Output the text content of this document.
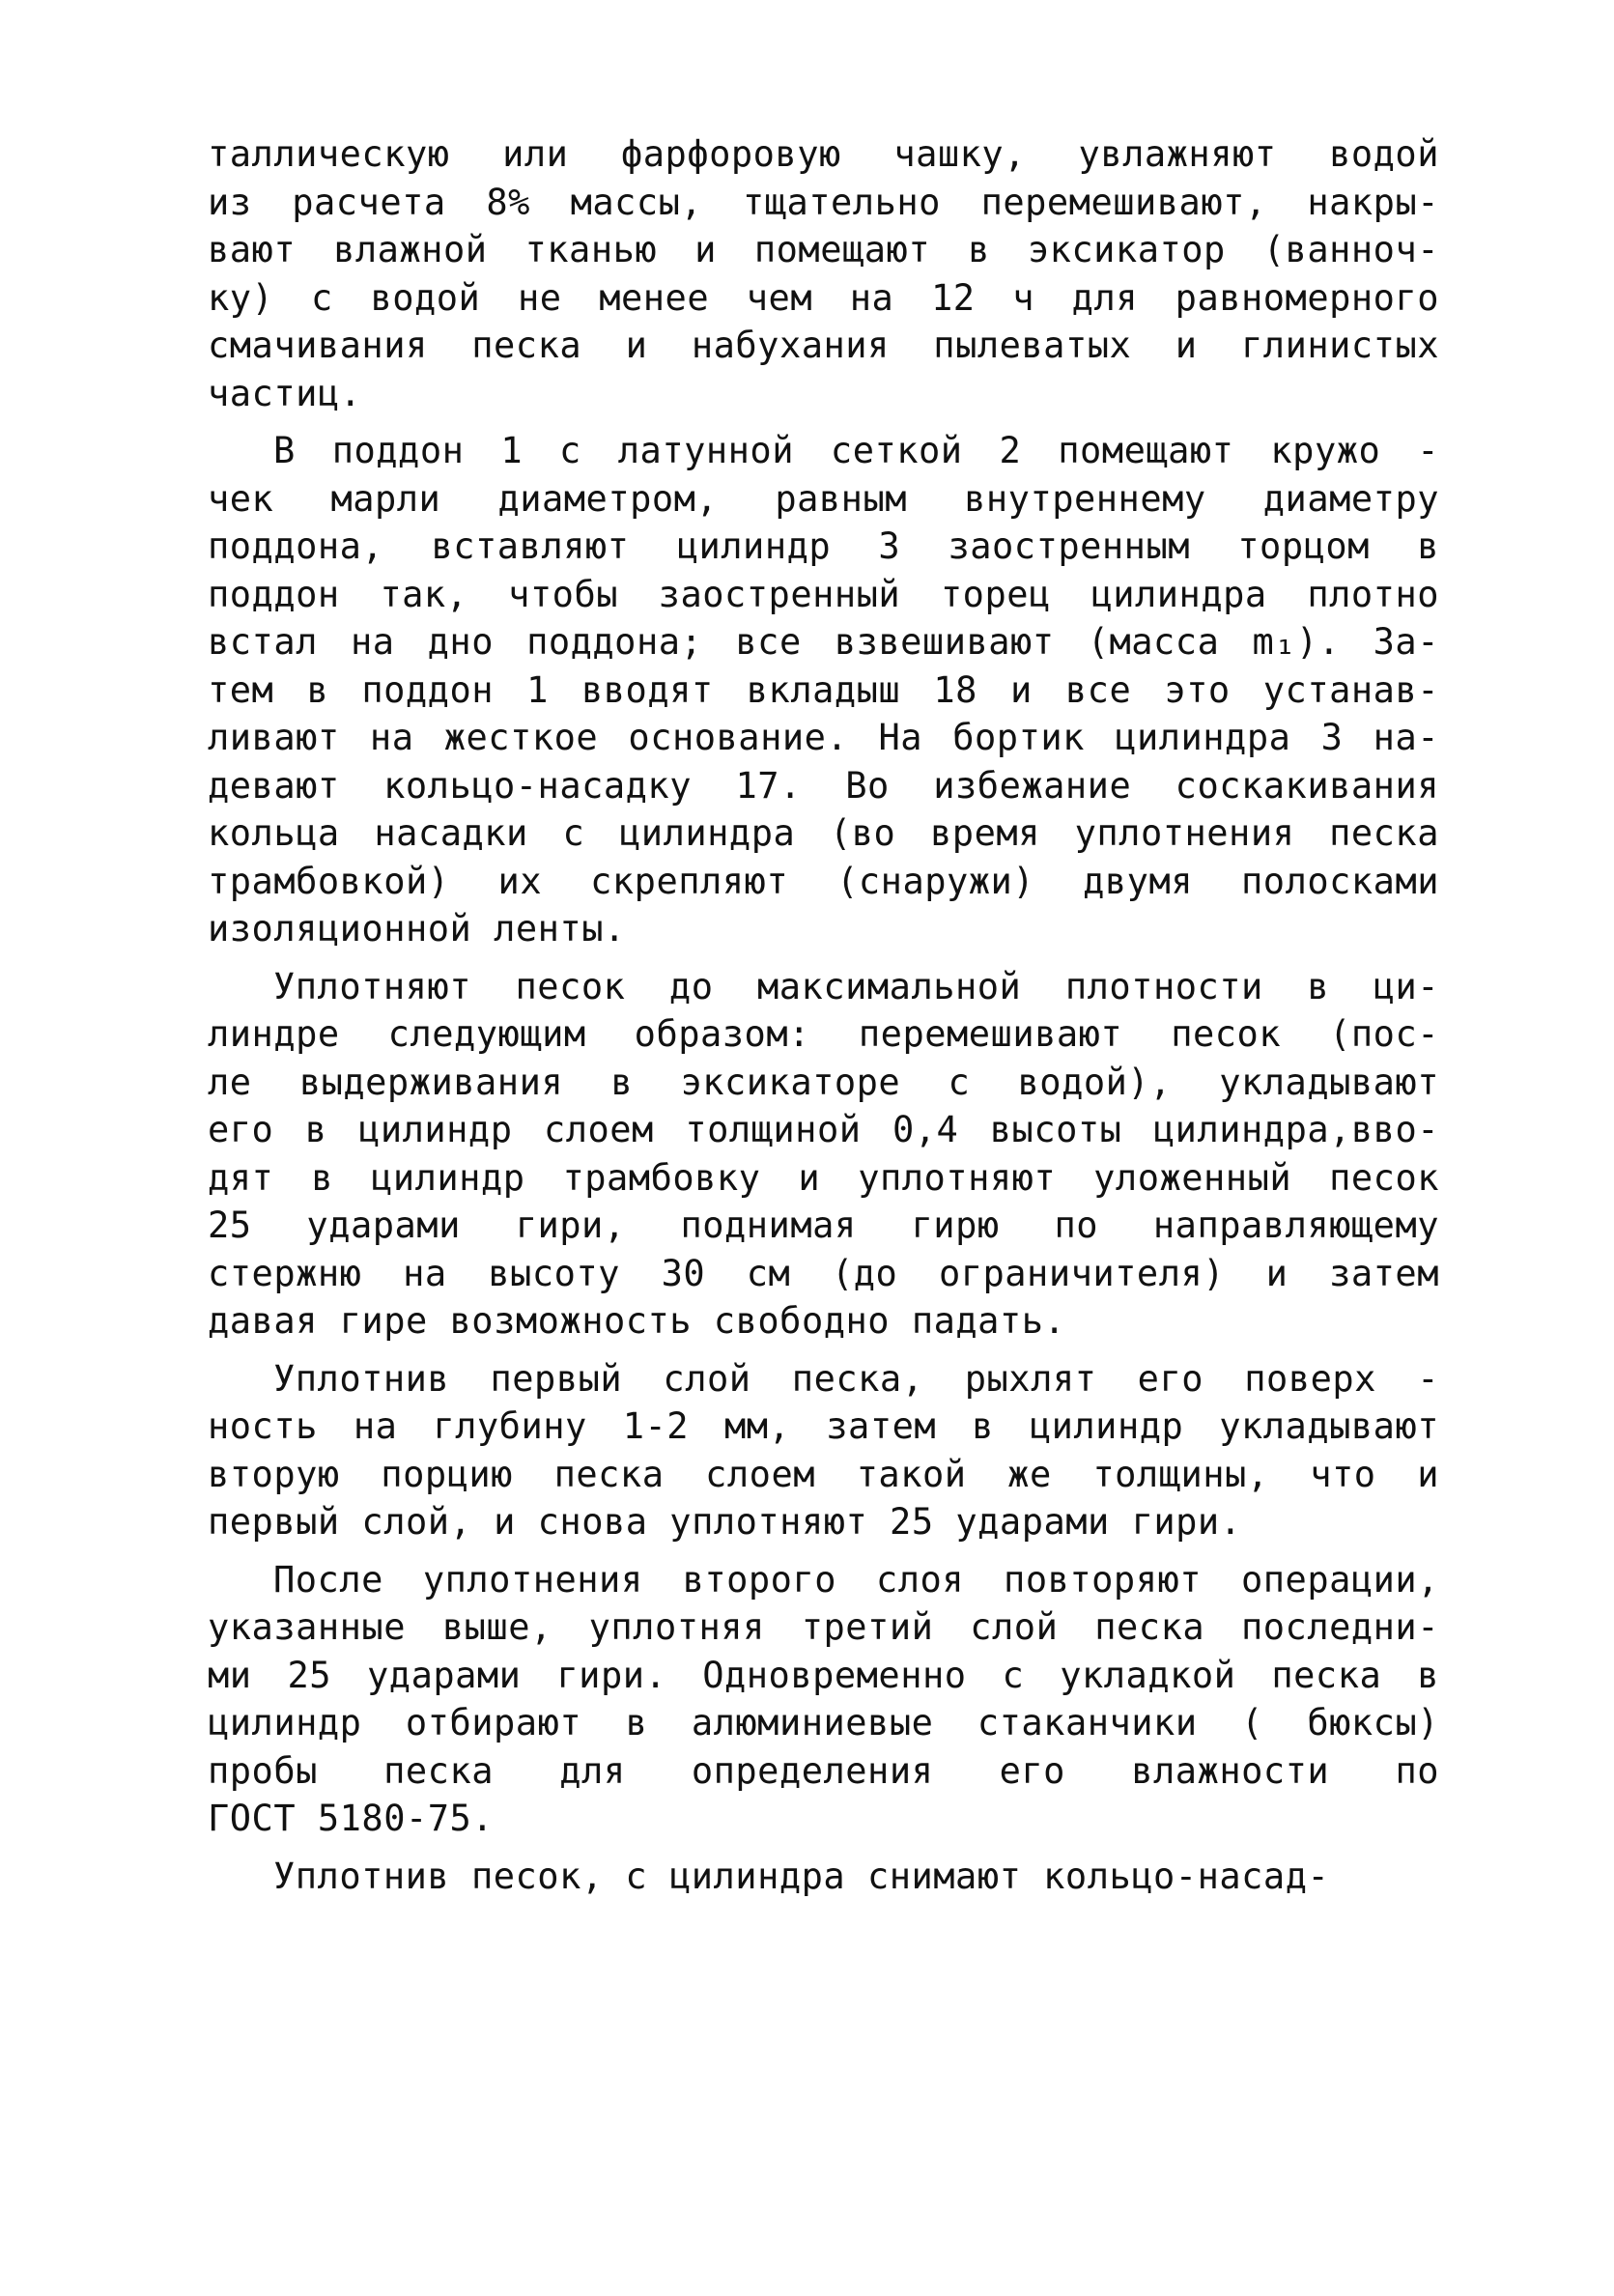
таллическую или фарфоровую чашку, увлажняют водой
из расчета 8% массы, тщательно перемешивают, накры-
вают влажной тканью и помещают в эксикатор (ванноч-
ку) с водой не менее чем на 12 ч для равномерного
смачивания песка и набухания пылеватых и глинистых
частиц.
В поддон 1 с латунной сеткой 2 помещают кружо -
чек марли диаметром, равным внутреннему диаметру
поддона, вставляют цилиндр 3 заостренным торцом в
поддон так, чтобы заостренный торец цилиндра плотно
встал на дно поддона; все взвешивают (масса m₁). За-
тем в поддон 1 вводят вкладыш 18 и все это устанав-
ливают на жесткое основание. На бортик цилиндра 3 на-
девают кольцо-насадку 17. Во избежание соскакивания
кольца насадки с цилиндра (во время уплотнения песка
трамбовкой) их скрепляют (снаружи) двумя полосками
изоляционной ленты.
Уплотняют песок до максимальной плотности в ци-
линдре следующим образом: перемешивают песок (пос-
ле выдерживания в эксикаторе с водой), укладывают
его в цилиндр слоем толщиной 0,4 высоты цилиндра,вво-
дят в цилиндр трамбовку и уплотняют уложенный песок
25 ударами гири, поднимая гирю по направляющему
стержню на высоту 30 см (до ограничителя) и затем
давая гире возможность свободно падать.
Уплотнив первый слой песка, рыхлят его поверх -
ность на глубину 1-2 мм, затем в цилиндр укладывают
вторую порцию песка слоем такой же толщины, что и
первый слой, и снова уплотняют 25 ударами гири.
После уплотнения второго слоя повторяют операции,
указанные выше, уплотняя третий слой песка последни-
ми 25 ударами гири. Одновременно с укладкой песка в
цилиндр отбирают в алюминиевые стаканчики ( бюксы)
пробы песка для определения его влажности по
ГОСТ 5180-75.
Уплотнив песок, с цилиндра снимают кольцо-насад-
